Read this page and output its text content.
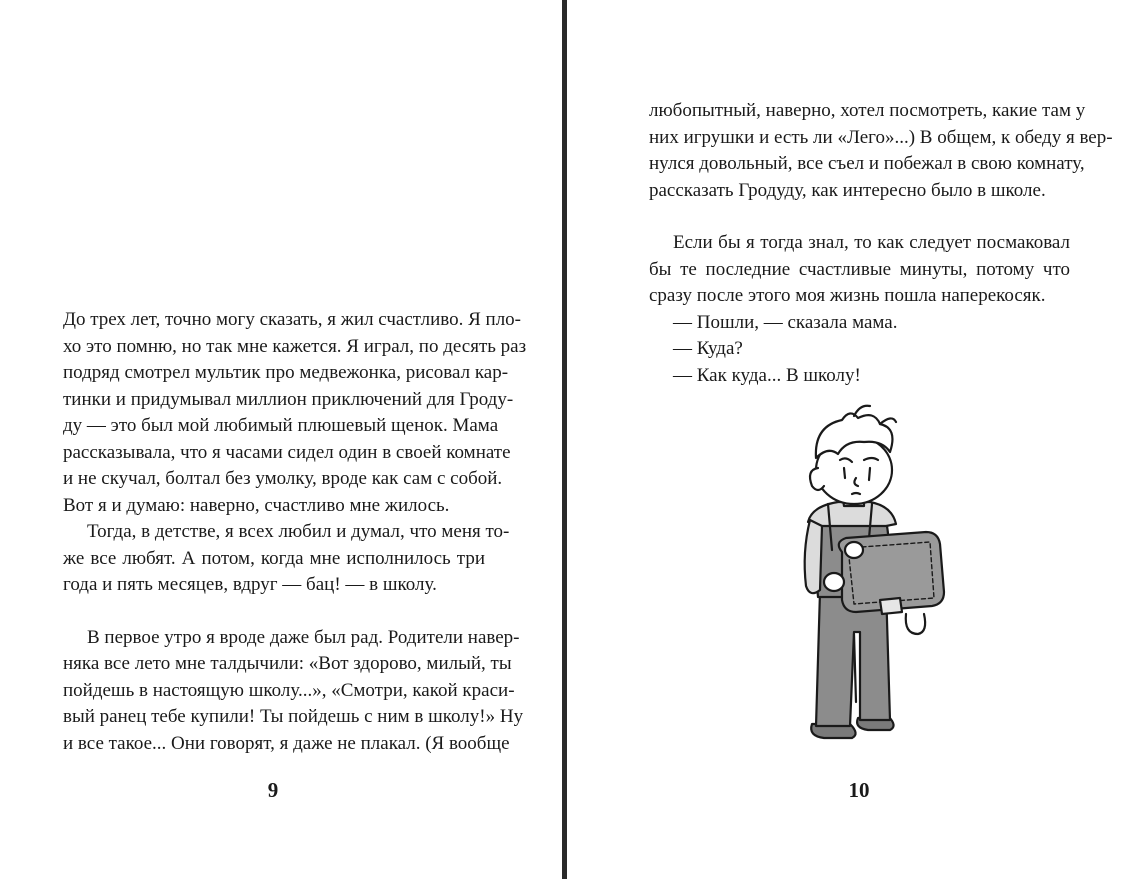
До трех лет, точно могу сказать, я жил счастливо. Я пло-
хо это помню, но так мне кажется. Я играл, по десять раз
подряд смотрел мультик про медвежонка, рисовал кар-
тинки и придумывал миллион приключений для Гроду-
ду — это был мой любимый плюшевый щенок. Мама
рассказывала, что я часами сидел один в своей комнате
и не скучал, болтал без умолку, вроде как сам с собой.
Вот я и думаю: наверно, счастливо мне жилось.

Тогда, в детстве, я всех любил и думал, что меня то-
же все любят. А потом, когда мне исполнилось три
года и пять месяцев, вдруг — бац! — в школу.

В первое утро я вроде даже был рад. Родители навер-
няка все лето мне талдычили: «Вот здорово, милый, ты
пойдешь в настоящую школу...», «Смотри, какой краси-
вый ранец тебе купили! Ты пойдешь с ним в школу!» Ну
и все такое... Они говорят, я даже не плакал. (Я вообще

9

любопытный, наверно, хотел посмотреть, какие там у
них игрушки и есть ли «Лего»...) В общем, к обеду я вер-
нулся довольный, все съел и побежал в свою комнату,
рассказать Гродуду, как интересно было в школе.

Если бы я тогда знал, то как следует посмаковал
бы те последние счастливые минуты, потому что
сразу после этого моя жизнь пошла наперекосяк.

— Пошли, — сказала мама.

— Куда?

— Как куда... В школу!

10
